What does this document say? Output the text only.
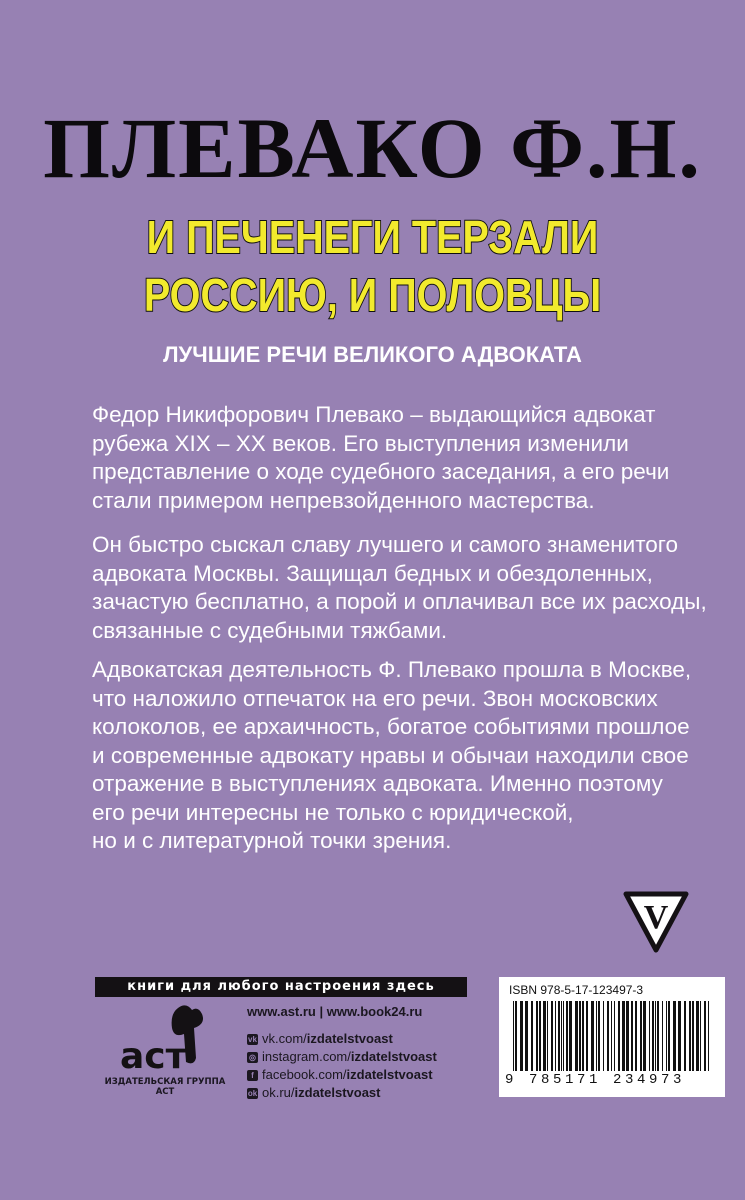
ПЛЕВАКО Ф.Н.
И ПЕЧЕНЕГИ ТЕРЗАЛИ
РОССИЮ, И ПОЛОВЦЫ
ЛУЧШИЕ РЕЧИ ВЕЛИКОГО АДВОКАТА
Федор Никифорович Плевако – выдающийся адвокат
рубежа XIX – XX веков. Его выступления изменили
представление о ходе судебного заседания, а его речи
стали примером непревзойденного мастерства.
Он быстро сыскал славу лучшего и самого знаменитого
адвоката Москвы. Защищал бедных и обездоленных,
зачастую бесплатно, а порой и оплачивал все их расходы,
связанные с судебными тяжбами.
Адвокатская деятельность Ф. Плевако прошла в Москве,
что наложило отпечаток на его речи. Звон московских
колоколов, ее архаичность, богатое событиями прошлое
и современные адвокату нравы и обычаи находили свое
отражение в выступлениях адвоката. Именно поэтому
его речи интересны не только с юридической,
но и с литературной точки зрения.
V
книги для любого настроения здесь
аст
ИЗДАТЕЛЬСКАЯ ГРУППА АСТ
www.ast.ru | www.book24.ru
vk vk.com/ izdatelstvoast
◎ instagram.com/ izdatelstvoast
f facebook.com/ izdatelstvoast
ok ok.ru/ izdatelstvoast
ISBN 978-5-17-123497-3
9 785171 234973
